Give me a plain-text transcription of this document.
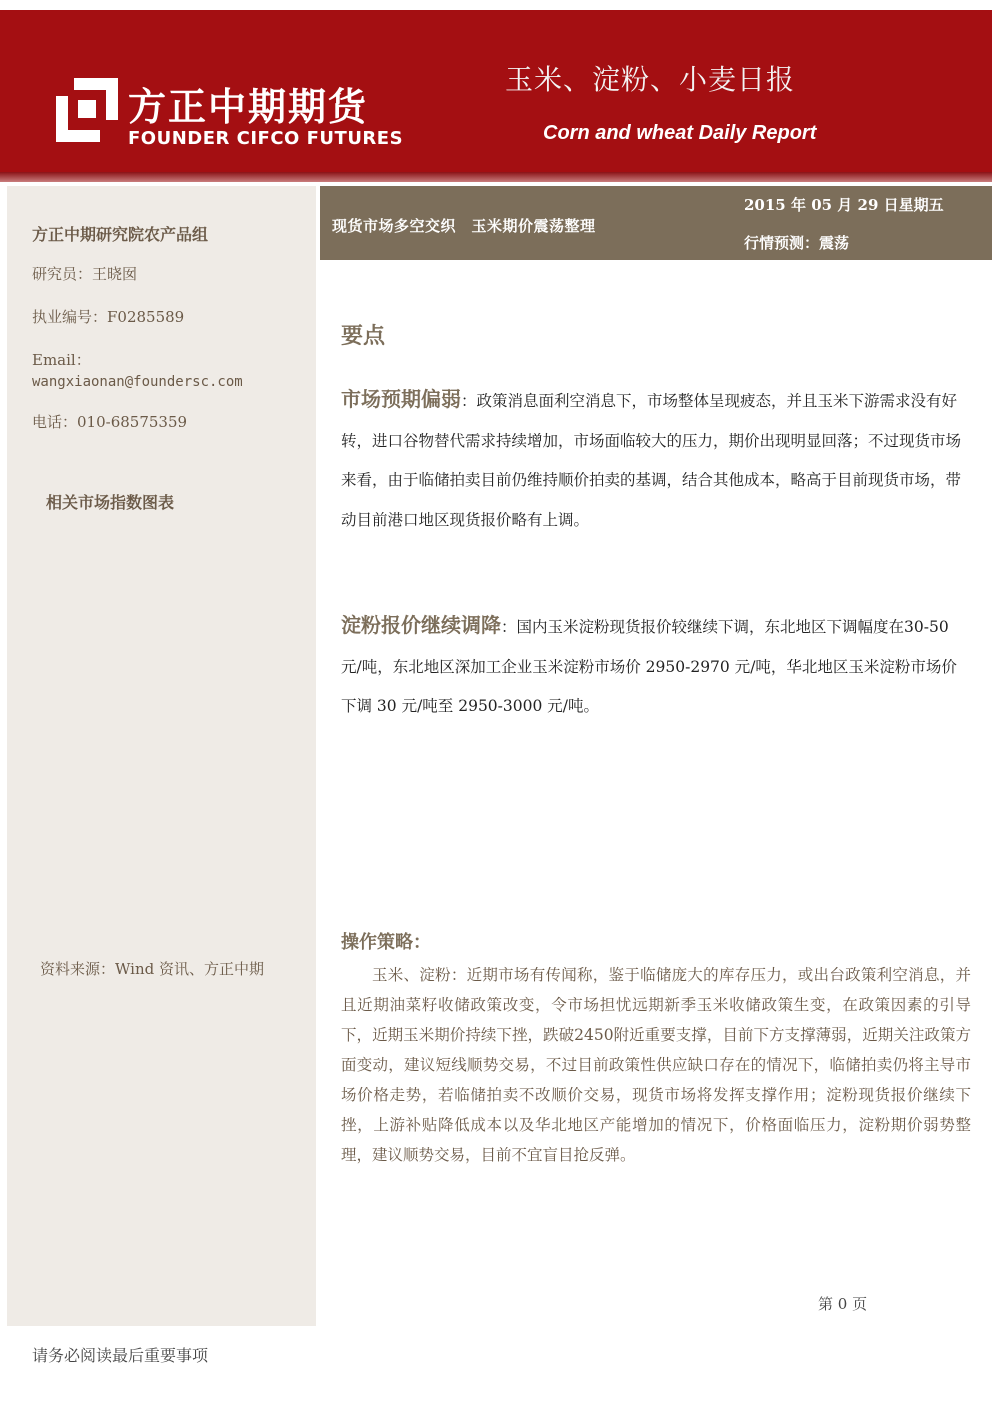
方正中期期货
FOUNDER CIFCO FUTURES
玉米、淀粉、小麦日报
Corn and wheat Daily Report
方正中期研究院农产品组
研究员：王晓囡
执业编号：F0285589
Email：
wangxiaonan@foundersc.com
电话：010-68575359
相关市场指数图表
资料来源：Wind 资讯、方正中期
现货市场多空交织　玉米期价震荡整理
2015 年 05 月 29 日星期五
行情预测：震荡
要点

市场预期偏弱：政策消息面利空消息下，市场整体呈现疲态，并且玉米下游需求没有好转，进口谷物替代需求持续增加，市场面临较大的压力，期价出现明显回落；不过现货市场来看，由于临储拍卖目前仍维持顺价拍卖的基调，结合其他成本，略高于目前现货市场，带动目前港口地区现货报价略有上调。

淀粉报价继续调降：国内玉米淀粉现货报价较继续下调，东北地区下调幅度在30-50 元/吨，东北地区深加工企业玉米淀粉市场价 2950-2970 元/吨，华北地区玉米淀粉市场价下调 30 元/吨至 2950-3000 元/吨。

操作策略：

玉米、淀粉：近期市场有传闻称，鉴于临储庞大的库存压力，或出台政策利空消息，并且近期油菜籽收储政策改变，令市场担忧远期新季玉米收储政策生变，在政策因素的引导下，近期玉米期价持续下挫，跌破2450附近重要支撑，目前下方支撑薄弱，近期关注政策方面变动，建议短线顺势交易，不过目前政策性供应缺口存在的情况下，临储拍卖仍将主导市场价格走势，若临储拍卖不改顺价交易，现货市场将发挥支撑作用；淀粉现货报价继续下挫，上游补贴降低成本以及华北地区产能增加的情况下，价格面临压力，淀粉期价弱势整理，建议顺势交易，目前不宜盲目抢反弹。

第 0 页
请务必阅读最后重要事项
